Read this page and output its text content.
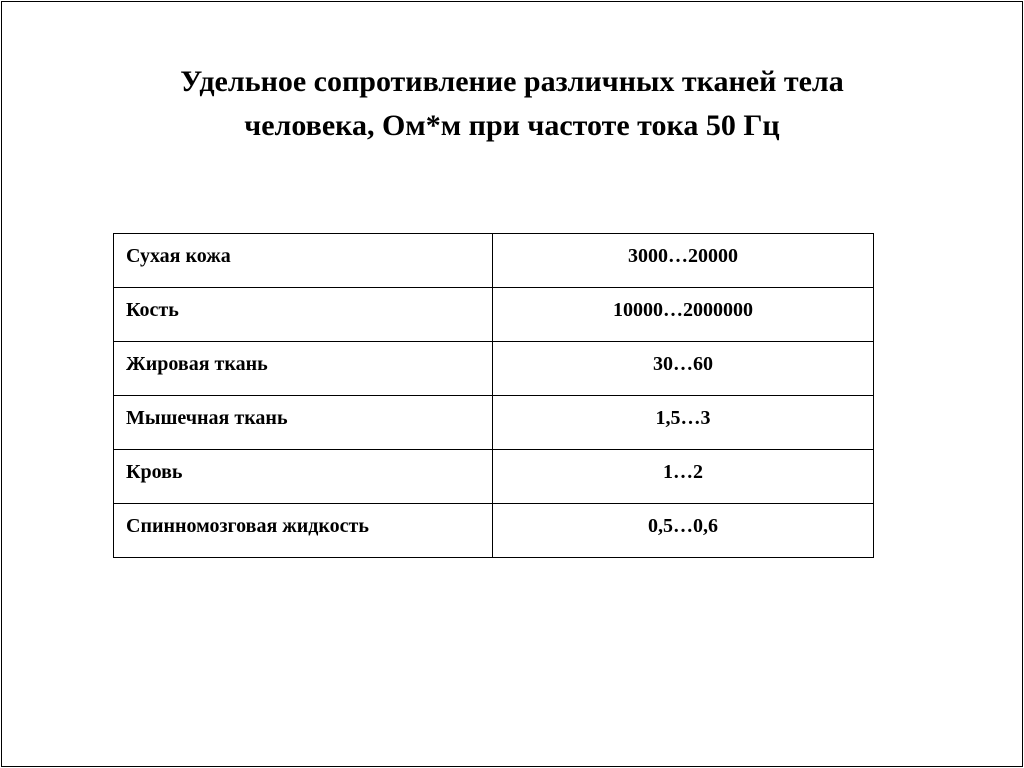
Удельное сопротивление различных тканей тела
человека, Ом*м при частоте тока 50 Гц
Сухая кожа	3000…20000

Кость	10000…2000000

Жировая ткань	30…60

Мышечная ткань	1,5…3

Кровь	1…2

Спинномозговая жидкость	0,5…0,6
